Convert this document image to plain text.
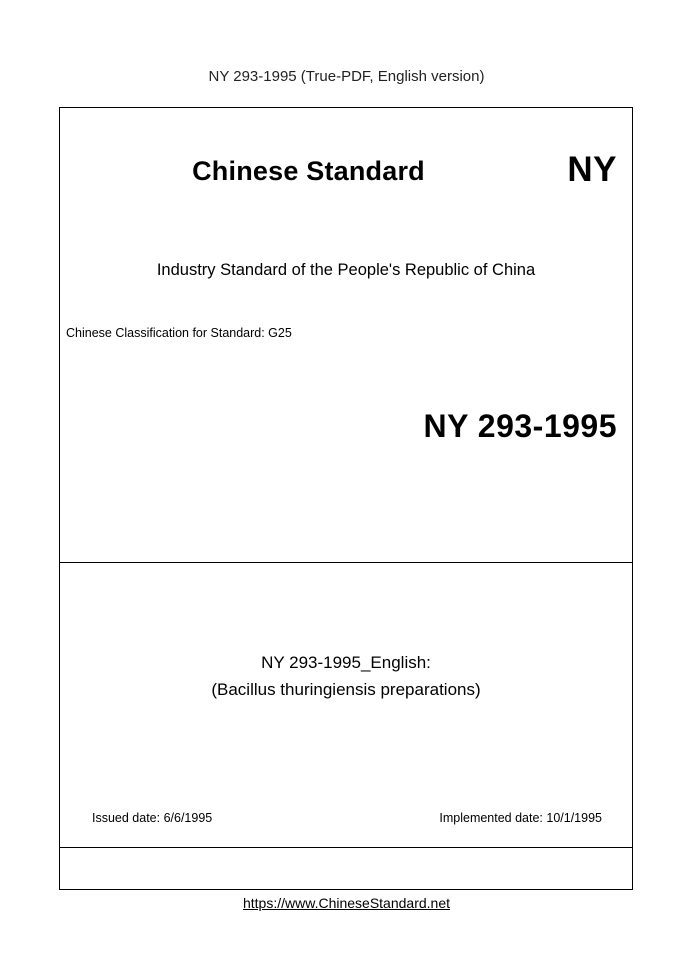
NY 293-1995 (True-PDF, English version)
Chinese Standard	NY
Industry Standard of the People's Republic of China
Chinese Classification for Standard: G25
NY 293-1995
NY 293-1995_English:
(Bacillus thuringiensis preparations)
Issued date: 6/6/1995	Implemented date: 10/1/1995
https://www.ChineseStandard.net
